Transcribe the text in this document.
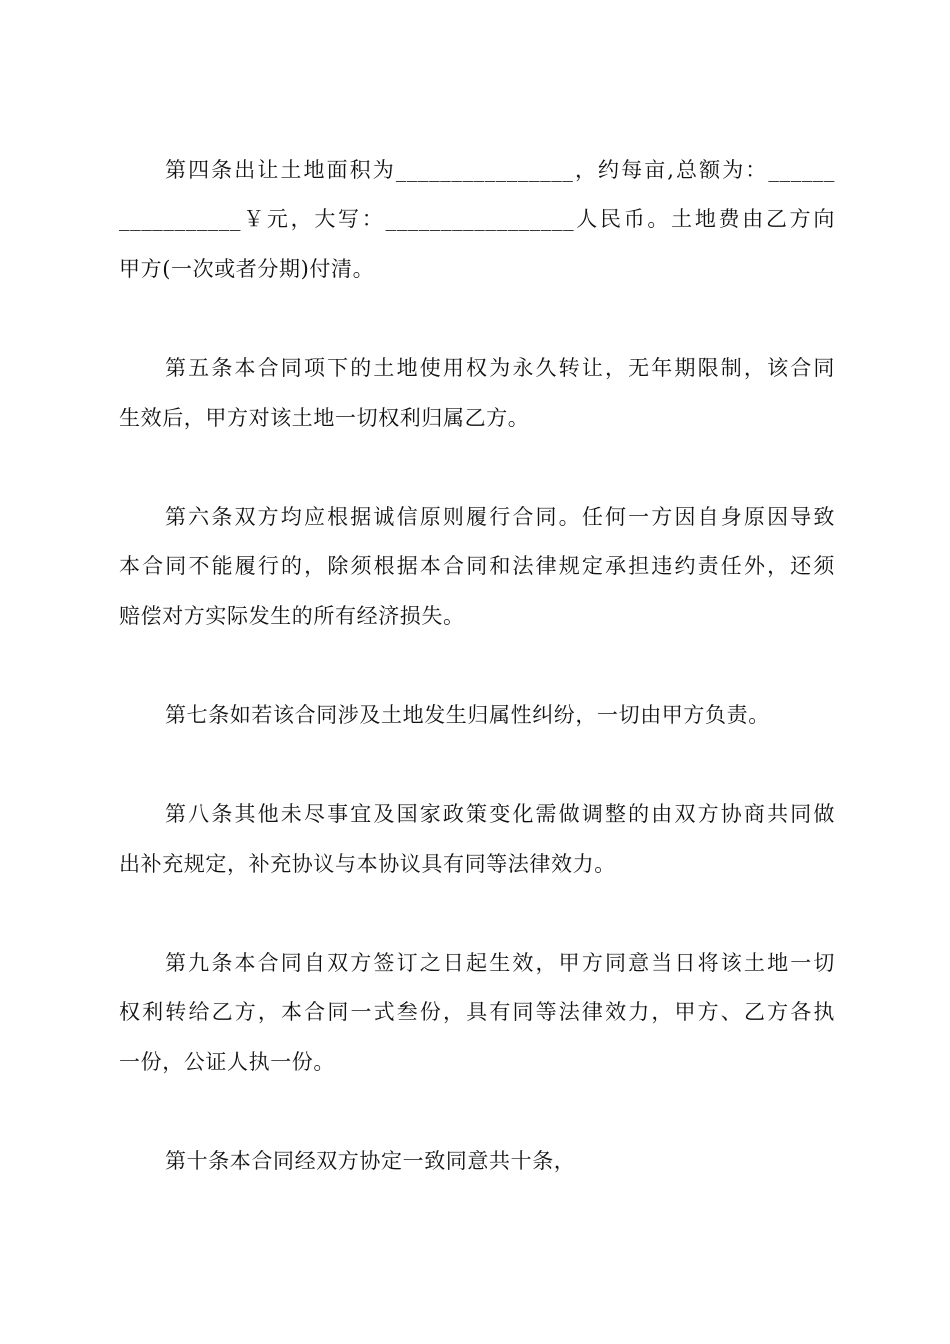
第四条出让土地面积为________________，约每亩,总额为：______
___________￥元，大写：_________________人民币。土地费由乙方向
甲方(一次或者分期)付清。
第五条本合同项下的土地使用权为永久转让，无年期限制，该合同
生效后，甲方对该土地一切权利归属乙方。
第六条双方均应根据诚信原则履行合同。任何一方因自身原因导致
本合同不能履行的，除须根据本合同和法律规定承担违约责任外，还须
赔偿对方实际发生的所有经济损失。
第七条如若该合同涉及土地发生归属性纠纷，一切由甲方负责。
第八条其他未尽事宜及国家政策变化需做调整的由双方协商共同做
出补充规定，补充协议与本协议具有同等法律效力。
第九条本合同自双方签订之日起生效，甲方同意当日将该土地一切
权利转给乙方，本合同一式叁份，具有同等法律效力，甲方、乙方各执
一份，公证人执一份。
第十条本合同经双方协定一致同意共十条，
